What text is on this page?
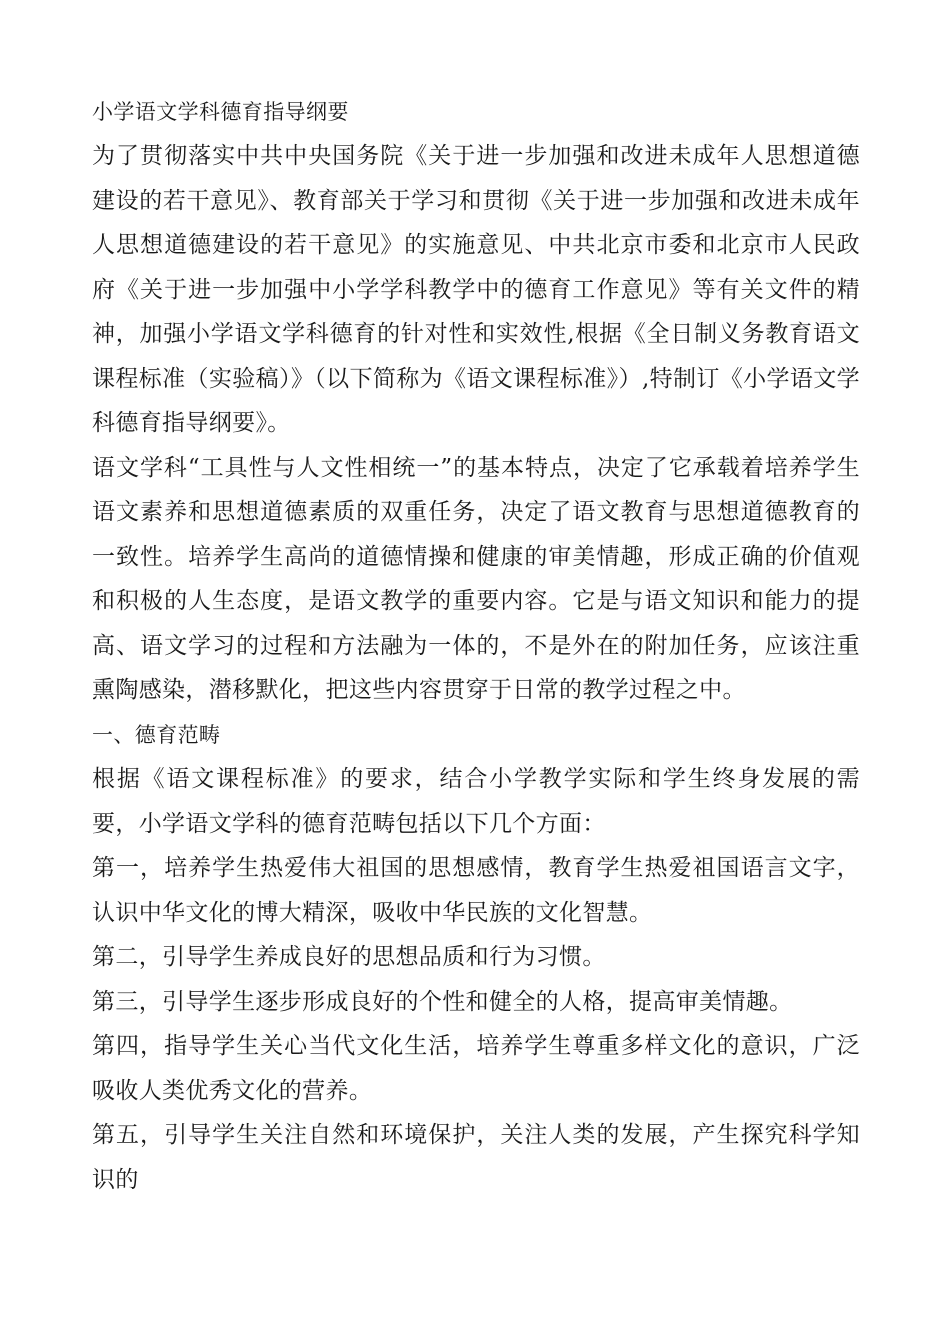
小学语文学科德育指导纲要

为了贯彻落实中共中央国务院《关于进一步加强和改进未成年人思想道德建设的若干意见》、教育部关于学习和贯彻《关于进一步加强和改进未成年人思想道德建设的若干意见》的实施意见、中共北京市委和北京市人民政府《关于进一步加强中小学学科教学中的德育工作意见》等有关文件的精神，加强小学语文学科德育的针对性和实效性,根据《全日制义务教育语文课程标准（实验稿）》（以下简称为《语文课程标准》）,特制订《小学语文学科德育指导纲要》。

语文学科“工具性与人文性相统一”的基本特点，决定了它承载着培养学生语文素养和思想道德素质的双重任务，决定了语文教育与思想道德教育的一致性。培养学生高尚的道德情操和健康的审美情趣，形成正确的价值观和积极的人生态度，是语文教学的重要内容。它是与语文知识和能力的提高、语文学习的过程和方法融为一体的，不是外在的附加任务，应该注重熏陶感染，潜移默化，把这些内容贯穿于日常的教学过程之中。

一、德育范畴

根据《语文课程标准》的要求，结合小学教学实际和学生终身发展的需要，小学语文学科的德育范畴包括以下几个方面：

第一，培养学生热爱伟大祖国的思想感情，教育学生热爱祖国语言文字，认识中华文化的博大精深，吸收中华民族的文化智慧。

第二，引导学生养成良好的思想品质和行为习惯。

第三，引导学生逐步形成良好的个性和健全的人格，提高审美情趣。

第四，指导学生关心当代文化生活，培养学生尊重多样文化的意识，广泛吸收人类优秀文化的营养。

第五，引导学生关注自然和环境保护，关注人类的发展，产生探究科学知识的
